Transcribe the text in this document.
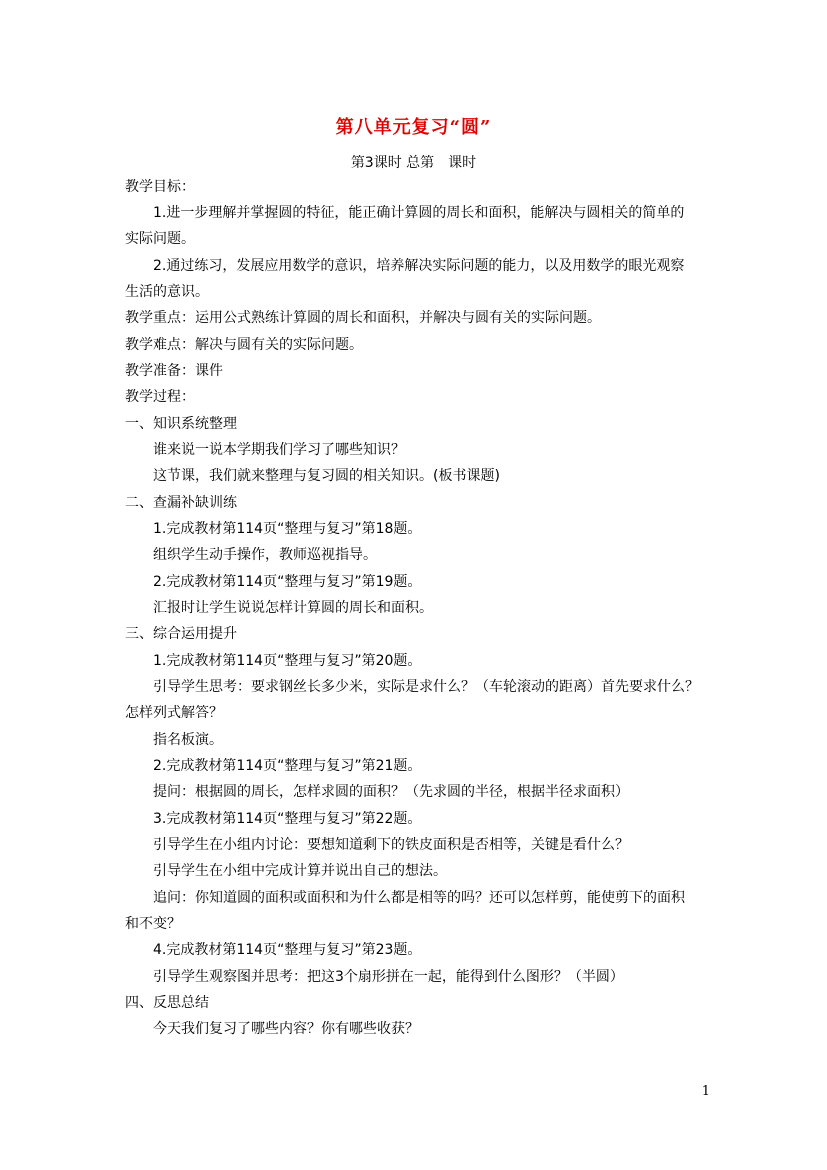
第八单元复习“圆”
第3课时 总第　课时
教学目标：
1.进一步理解并掌握圆的特征，能正确计算圆的周长和面积，能解决与圆相关的简单的
实际问题。
2.通过练习，发展应用数学的意识，培养解决实际问题的能力，以及用数学的眼光观察
生活的意识。
教学重点：运用公式熟练计算圆的周长和面积，并解决与圆有关的实际问题。
教学难点：解决与圆有关的实际问题。
教学准备：课件
教学过程：
一、知识系统整理
谁来说一说本学期我们学习了哪些知识？
这节课，我们就来整理与复习圆的相关知识。(板书课题)
二、查漏补缺训练
1.完成教材第114页“整理与复习”第18题。
组织学生动手操作，教师巡视指导。
2.完成教材第114页“整理与复习”第19题。
汇报时让学生说说怎样计算圆的周长和面积。
三、综合运用提升
1.完成教材第114页“整理与复习”第20题。
引导学生思考：要求钢丝长多少米，实际是求什么？（车轮滚动的距离）首先要求什么？
怎样列式解答？
指名板演。
2.完成教材第114页“整理与复习”第21题。
提问：根据圆的周长，怎样求圆的面积？（先求圆的半径，根据半径求面积）
3.完成教材第114页“整理与复习”第22题。
引导学生在小组内讨论：要想知道剩下的铁皮面积是否相等，关键是看什么？
引导学生在小组中完成计算并说出自己的想法。
追问：你知道圆的面积或面积和为什么都是相等的吗？还可以怎样剪，能使剪下的面积
和不变？
4.完成教材第114页“整理与复习”第23题。
引导学生观察图并思考：把这3个扇形拼在一起，能得到什么图形？（半圆）
四、反思总结
今天我们复习了哪些内容？你有哪些收获？
1
